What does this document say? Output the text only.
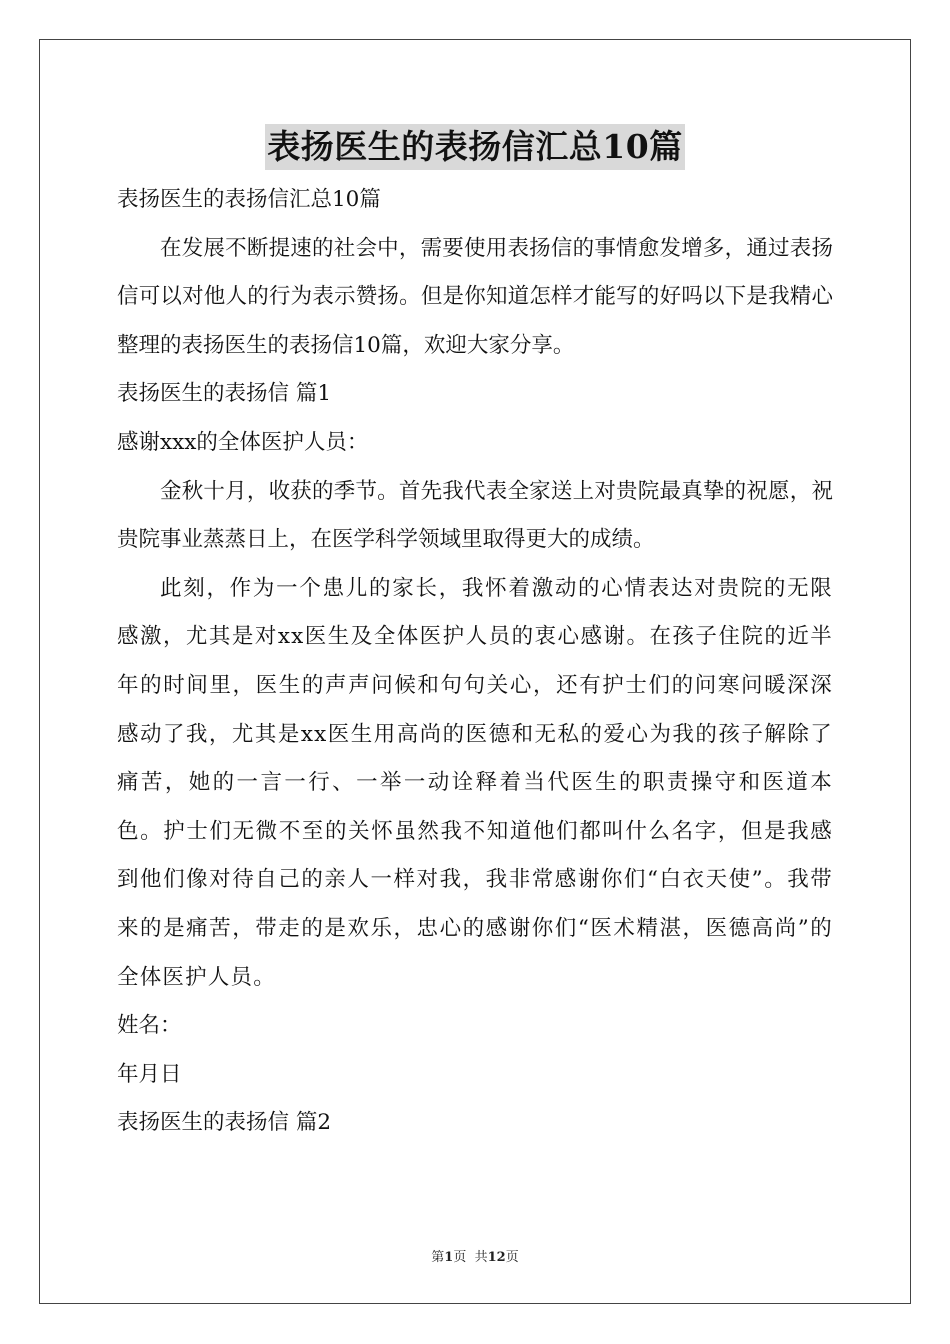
表扬医生的表扬信汇总10篇

表扬医生的表扬信汇总10篇

在发展不断提速的社会中，需要使用表扬信的事情愈发增多，通过表扬信可以对他人的行为表示赞扬。但是你知道怎样才能写的好吗以下是我精心整理的表扬医生的表扬信10篇，欢迎大家分享。

表扬医生的表扬信 篇1

感谢xxx的全体医护人员：

金秋十月，收获的季节。首先我代表全家送上对贵院最真挚的祝愿，祝贵院事业蒸蒸日上，在医学科学领域里取得更大的成绩。

此刻，作为一个患儿的家长，我怀着激动的心情表达对贵院的无限感激，尤其是对xx医生及全体医护人员的衷心感谢。在孩子住院的近半年的时间里，医生的声声问候和句句关心，还有护士们的问寒问暖深深感动了我，尤其是xx医生用高尚的医德和无私的爱心为我的孩子解除了痛苦，她的一言一行、一举一动诠释着当代医生的职责操守和医道本色。护士们无微不至的关怀虽然我不知道他们都叫什么名字，但是我感到他们像对待自己的亲人一样对我，我非常感谢你们“白衣天使”。我带来的是痛苦，带走的是欢乐，忠心的感谢你们“医术精湛，医德高尚”的全体医护人员。

姓名：

年月日

表扬医生的表扬信 篇2

第1页  共12页
